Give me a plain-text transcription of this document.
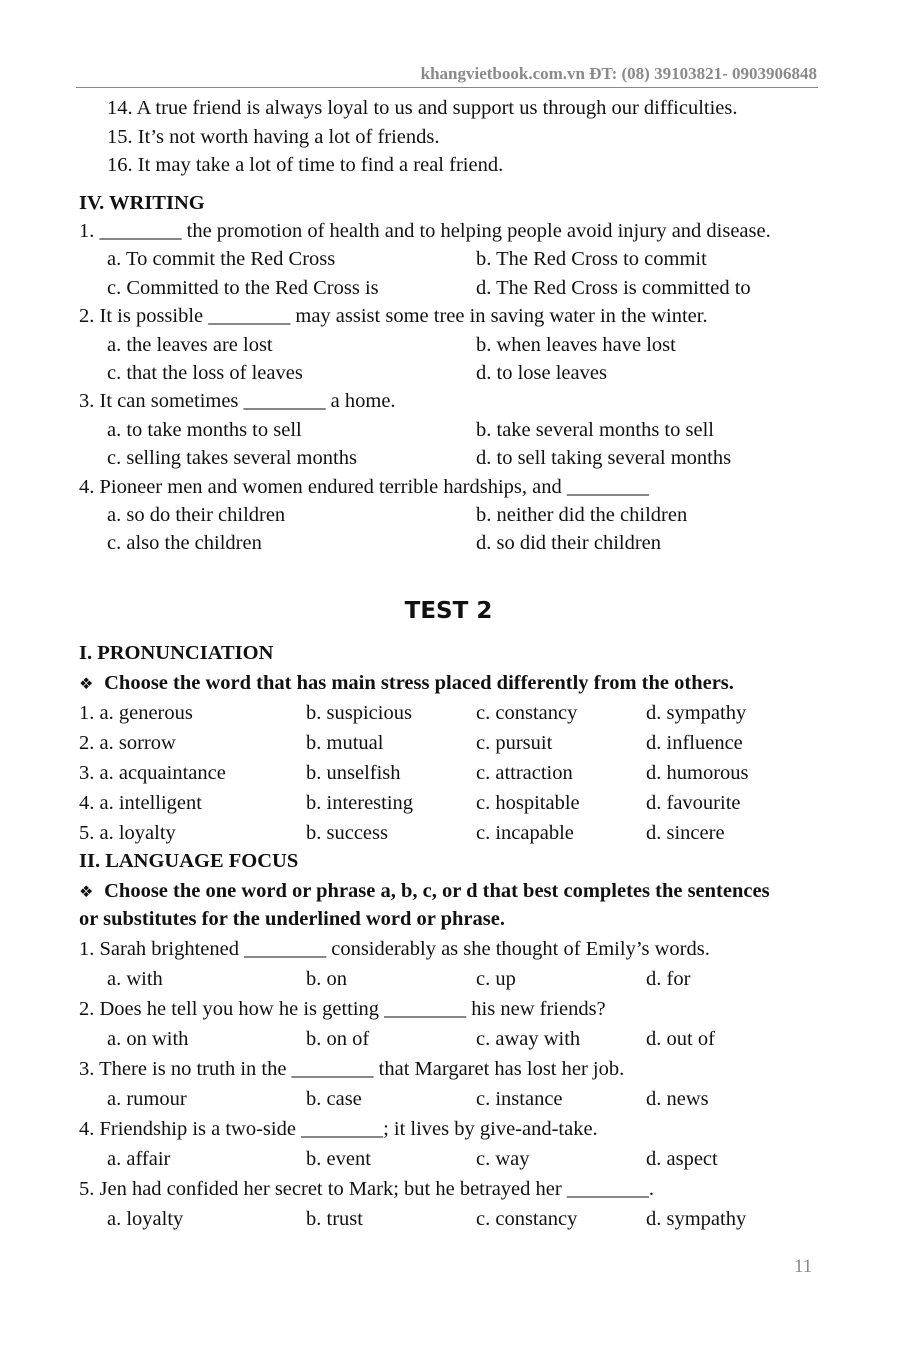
khangvietbook.com.vn ĐT: (08) 39103821- 0903906848
14. A true friend is always loyal to us and support us through our difficulties.
15. It’s not worth having a lot of friends.
16. It may take a lot of time to find a real friend.
IV. WRITING
1. ________ the promotion of health and to helping people avoid injury and disease.
a. To commit the Red Cross	b. The Red Cross to commit
c. Committed to the Red Cross is	d. The Red Cross is committed to
2. It is possible ________ may assist some tree in saving water in the winter.
a. the leaves are lost	b. when leaves have lost
c. that the loss of leaves	d. to lose leaves
3. It can sometimes ________ a home.
a. to take months to sell	b. take several months to sell
c. selling takes several months	d. to sell taking several months
4. Pioneer men and women endured terrible hardships, and ________
a. so do their children	b. neither did the children
c. also the children	d. so did their children
TEST 2
I. PRONUNCIATION
❖ Choose the word that has main stress placed differently from the others.
1. a. generous	b. suspicious	c. constancy	d. sympathy
2. a. sorrow	b. mutual	c. pursuit	d. influence
3. a. acquaintance	b. unselfish	c. attraction	d. humorous
4. a. intelligent	b. interesting	c. hospitable	d. favourite
5. a. loyalty	b. success	c. incapable	d. sincere
II. LANGUAGE FOCUS
❖ Choose the one word or phrase a, b, c, or d that best completes the sentences
or substitutes for the underlined word or phrase.
1. Sarah brightened ________ considerably as she thought of Emily’s words.
a. with	b. on	c. up	d. for
2. Does he tell you how he is getting ________ his new friends?
a. on with	b. on of	c. away with	d. out of
3. There is no truth in the ________ that Margaret has lost her job.
a. rumour	b. case	c. instance	d. news
4. Friendship is a two-side ________; it lives by give-and-take.
a. affair	b. event	c. way	d. aspect
5. Jen had confided her secret to Mark; but he betrayed her ________.
a. loyalty	b. trust	c. constancy	d. sympathy
11
